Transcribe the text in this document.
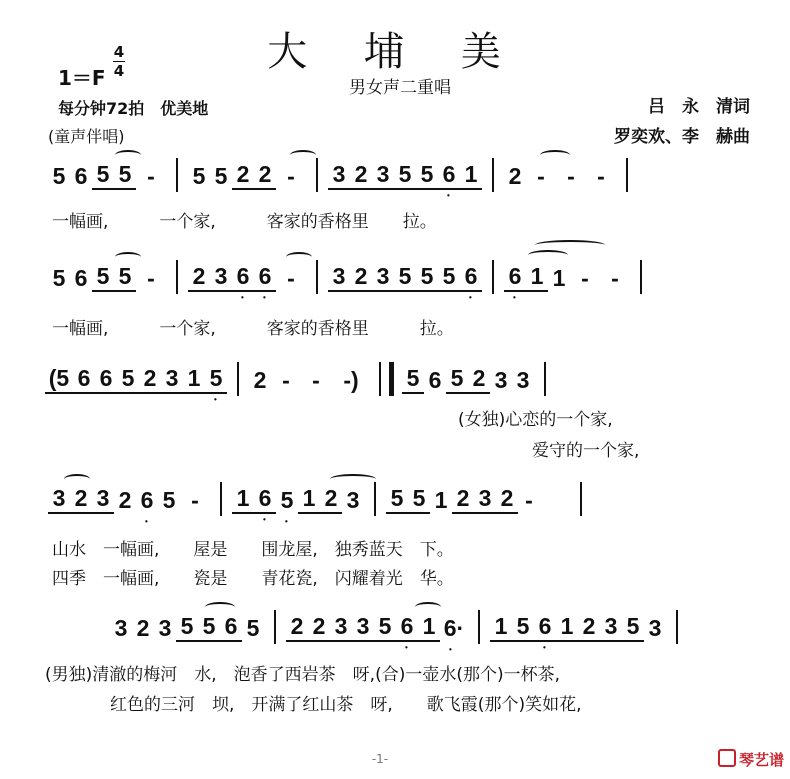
大 埔 美
男女声二重唱
1＝F
4
4
每分钟72拍　优美地
(童声伴唱)
吕　永　清词
罗奕欢、李　赫曲
5 6 5 5 -	5 5 2 2 -	3 2 3 5 5 6 • 1 2 - - -
一幅画,　　　一个家,　　　客家的香格里　　拉。
5 6 5 5 -	2 3 6 • 6 • -	3 2 3 5 5 5 6 • 6 • 1 1 - -
一幅画,　　　一个家,　　　客家的香格里　　　拉。
(5 6 6 5 2 3 1 5 • 2 - -	-)	5 6 5 2 3 3
(女独)心恋的一个家,
爱守的一个家,
3 2 3 2 6 • 5 -	1 6 • 5 • 1 2 3 5 5 1 2 3 2 -
山水　一幅画,　　屋是　　围龙屋,　独秀蓝天　下。
四季　一幅画,　　瓷是　　青花瓷,　闪耀着光　华。
3 2 3 5 5 6 5 2 2 3 3 5 6 • 1 6· • 1 5 6 • 1 2 3 5 3
(男独)清澈的梅河　水,　泡香了西岩茶　呀,(合)一壶水(那个)一杯茶,
红色的三河　坝,　开满了红山茶　呀,　　歌飞霞(那个)笑如花,
-1-	琴艺谱
